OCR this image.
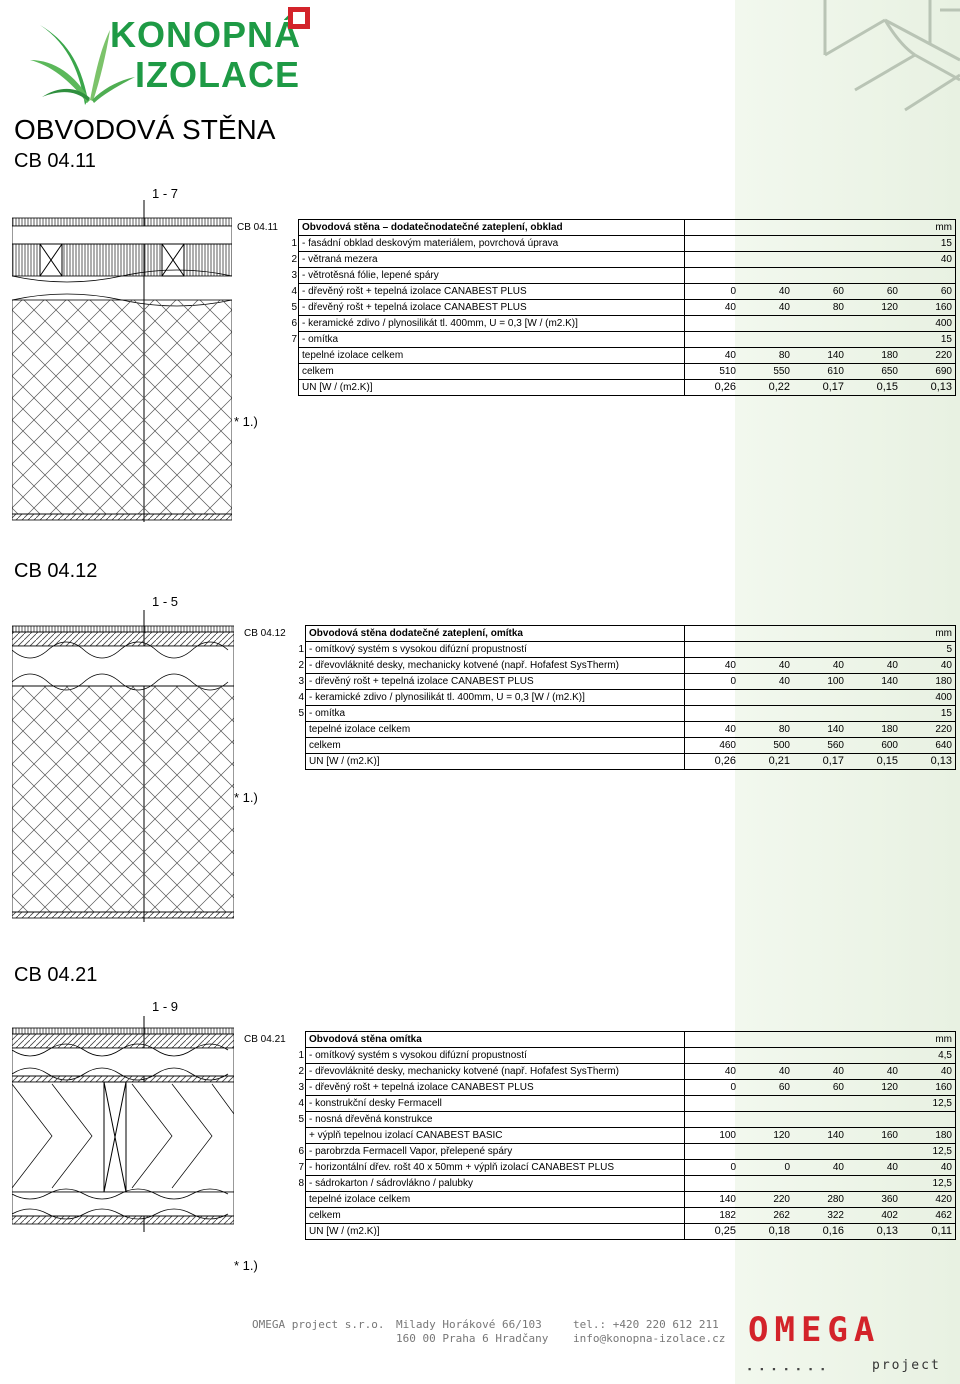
KONOPNÁ
IZOLACE
OBVODOVÁ STĚNA
CB 04.11
1 - 7
CB 04.11		Obvodová stěna – dodatečnodatečné zateplení, obklad	mm				
	1	- fasádní obklad deskovým materiálem, povrchová úprava					15
	2	- větraná mezera					40
	3	- větrotěsná fólie, lepené spáry					
	4	- dřevěný rošt + tepelná izolace CANABEST PLUS	0	40	60	60	60
	5	- dřevěný rošt + tepelná izolace CANABEST PLUS	40	40	80	120	160
	6	- keramické zdivo / plynosilikát tl. 400mm, U = 0,3 [W / (m2.K)]					400
	7	- omítka					15
		tepelné izolace celkem	40	80	140	180	220
		celkem	510	550	610	650	690
		UN [W / (m2.K)]	0,26	0,22	0,17	0,15	0,13
* 1.)
CB 04.12
1 - 5
CB 04.12		Obvodová stěna dodatečné zateplení, omítka	mm				
	1	- omítkový systém s vysokou difúzní propustností					5
	2	- dřevovláknité desky, mechanicky kotvené (např. Hofafest SysTherm)	40	40	40	40	40
	3	- dřevěný rošt + tepelná izolace CANABEST PLUS	0	40	100	140	180
	4	- keramické zdivo / plynosilikát tl. 400mm, U = 0,3 [W / (m2.K)]					400
	5	- omítka					15
		tepelné izolace celkem	40	80	140	180	220
		celkem	460	500	560	600	640
		UN [W / (m2.K)]	0,26	0,21	0,17	0,15	0,13
* 1.)
CB 04.21
1 - 9
CB 04.21		Obvodová stěna omítka	mm				
	1	- omítkový systém s vysokou difúzní propustností					4,5
	2	- dřevovláknité desky, mechanicky kotvené (např. Hofafest SysTherm)	40	40	40	40	40
	3	- dřevěný rošt + tepelná izolace CANABEST PLUS	0	60	60	120	160
	4	- konstrukční desky Fermacell					12,5
	5	- nosná dřevěná konstrukce					
		+ výplň tepelnou izolací CANABEST BASIC	100	120	140	160	180
	6	- parobrzda Fermacell Vapor, přelepené spáry					12,5
	7	- horizontální dřev. rošt 40 x 50mm + výplň izolací CANABEST PLUS	0	0	40	40	40
	8	- sádrokarton / sádrovlákno / palubky					12,5
		tepelné izolace celkem	140	220	280	360	420
		celkem	182	262	322	402	462
		UN [W / (m2.K)]	0,25	0,18	0,16	0,13	0,11
* 1.)
OMEGA project s.r.o. Milady Horákové 66/103
160 00 Praha 6 Hradčany
tel.: +420 220 612 211
info@konopna-izolace.cz OMEGA
project
▪▪▪▪▪▪▪
